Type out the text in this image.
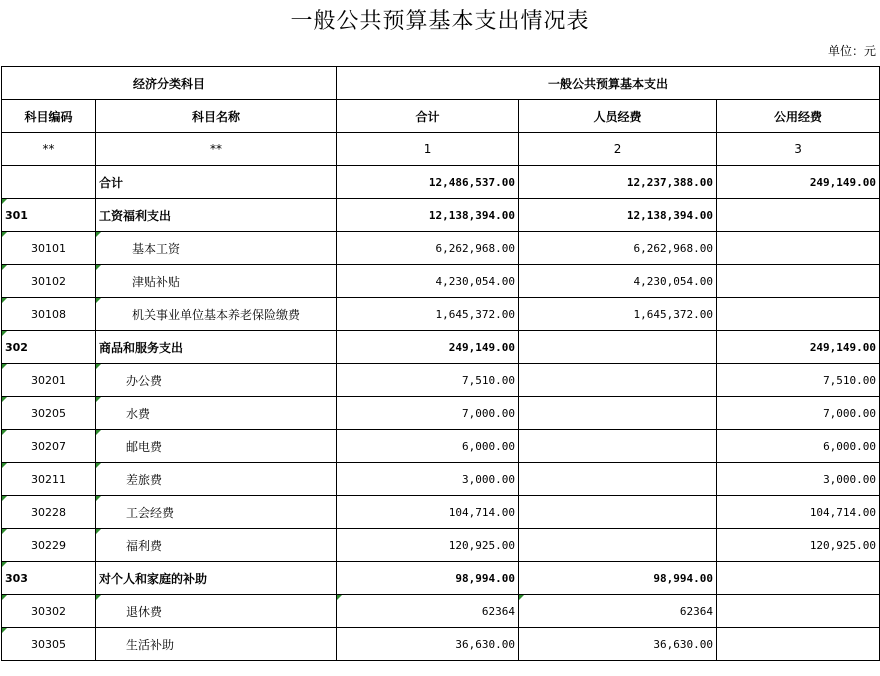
一般公共预算基本支出情况表
单位：元
经济分类科目		一般公共预算基本支出		
科目编码	科目名称	合计	人员经费	公用经费
**	**	1	2	3
	合计	12,486,537.00	12,237,388.00	249,149.00
301	工资福利支出	12,138,394.00	12,138,394.00	
30101	基本工资	6,262,968.00	6,262,968.00	
30102	津贴补贴	4,230,054.00	4,230,054.00	
30108	机关事业单位基本养老保险缴费	1,645,372.00	1,645,372.00	
302	商品和服务支出	249,149.00		249,149.00
30201	办公费	7,510.00		7,510.00
30205	水费	7,000.00		7,000.00
30207	邮电费	6,000.00		6,000.00
30211	差旅费	3,000.00		3,000.00
30228	工会经费	104,714.00		104,714.00
30229	福利费	120,925.00		120,925.00
303	对个人和家庭的补助	98,994.00	98,994.00	
30302	退休费	62364	62364	
30305	生活补助	36,630.00	36,630.00	
